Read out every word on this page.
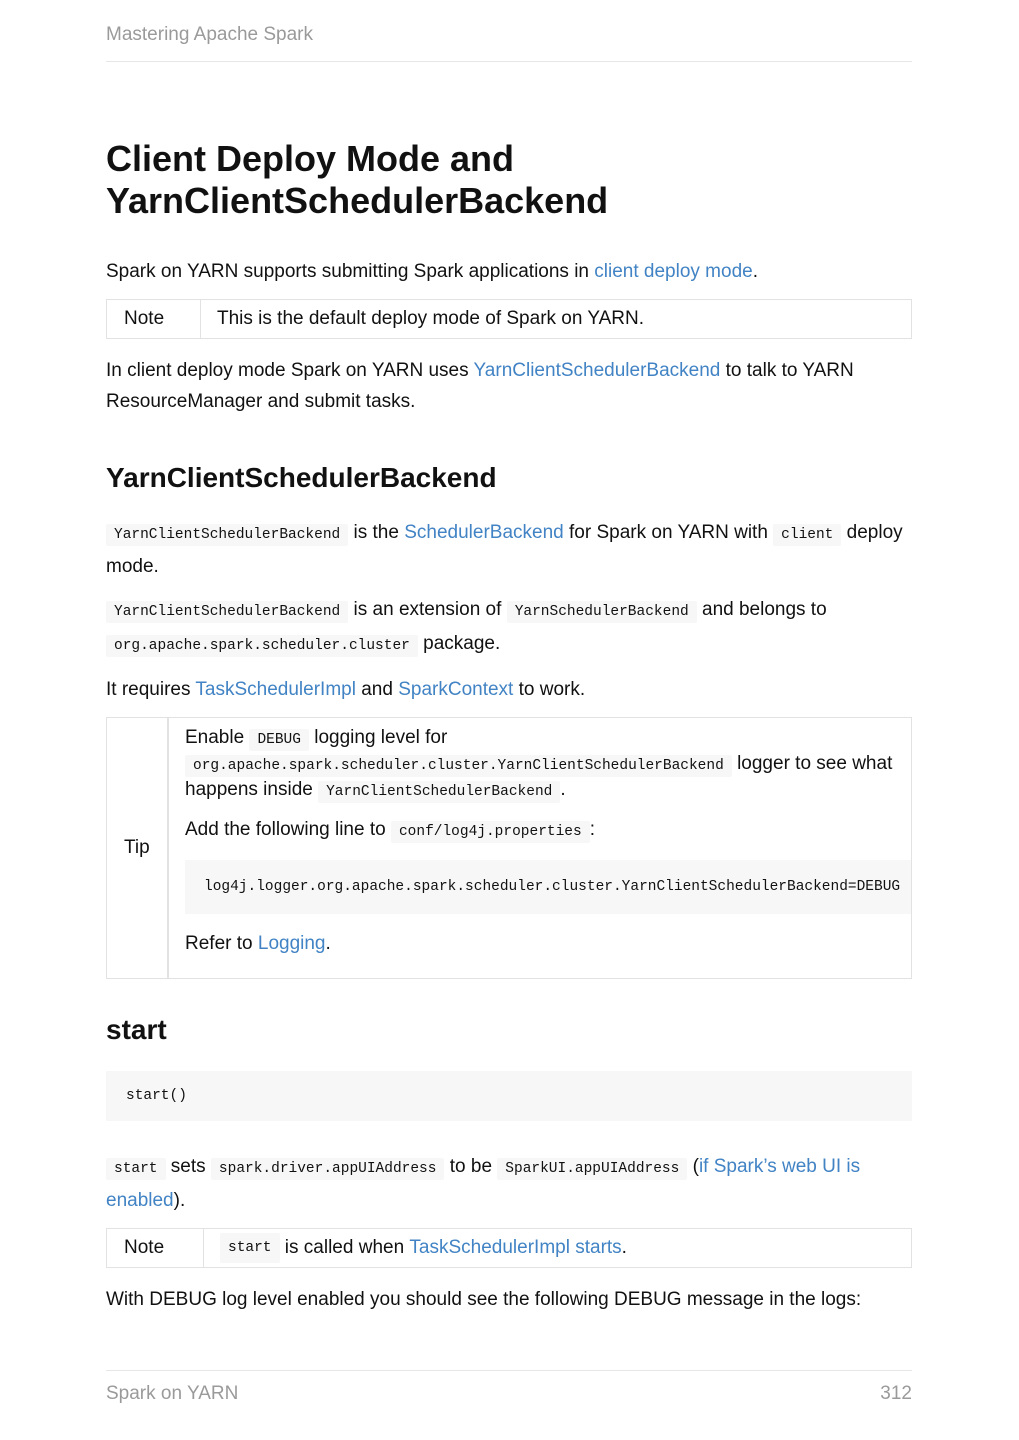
Mastering Apache Spark
Client Deploy Mode and
YarnClientSchedulerBackend

Spark on YARN supports submitting Spark applications in client deploy mode.

Note	This is the default deploy mode of Spark on YARN.

In client deploy mode Spark on YARN uses YarnClientSchedulerBackend to talk to YARN ResourceManager and submit tasks.

YarnClientSchedulerBackend

YarnClientSchedulerBackend is the SchedulerBackend for Spark on YARN with client deploy mode.

YarnClientSchedulerBackend is an extension of YarnSchedulerBackend and belongs to org.apache.spark.scheduler.cluster package.

It requires TaskSchedulerImpl and SparkContext to work.

Tip

Enable DEBUG logging level for org.apache.spark.scheduler.cluster.YarnClientSchedulerBackend logger to see what happens inside YarnClientSchedulerBackend .

Add the following line to conf/log4j.properties :

log4j.logger.org.apache.spark.scheduler.cluster.YarnClientSchedulerBackend=DEBUG

Refer to Logging.

start
start()

start sets spark.driver.appUIAddress to be SparkUI.appUIAddress (if Spark’s web UI is enabled).

Note	start is called when TaskSchedulerImpl starts .

With DEBUG log level enabled you should see the following DEBUG message in the logs:

Spark on YARN	312
